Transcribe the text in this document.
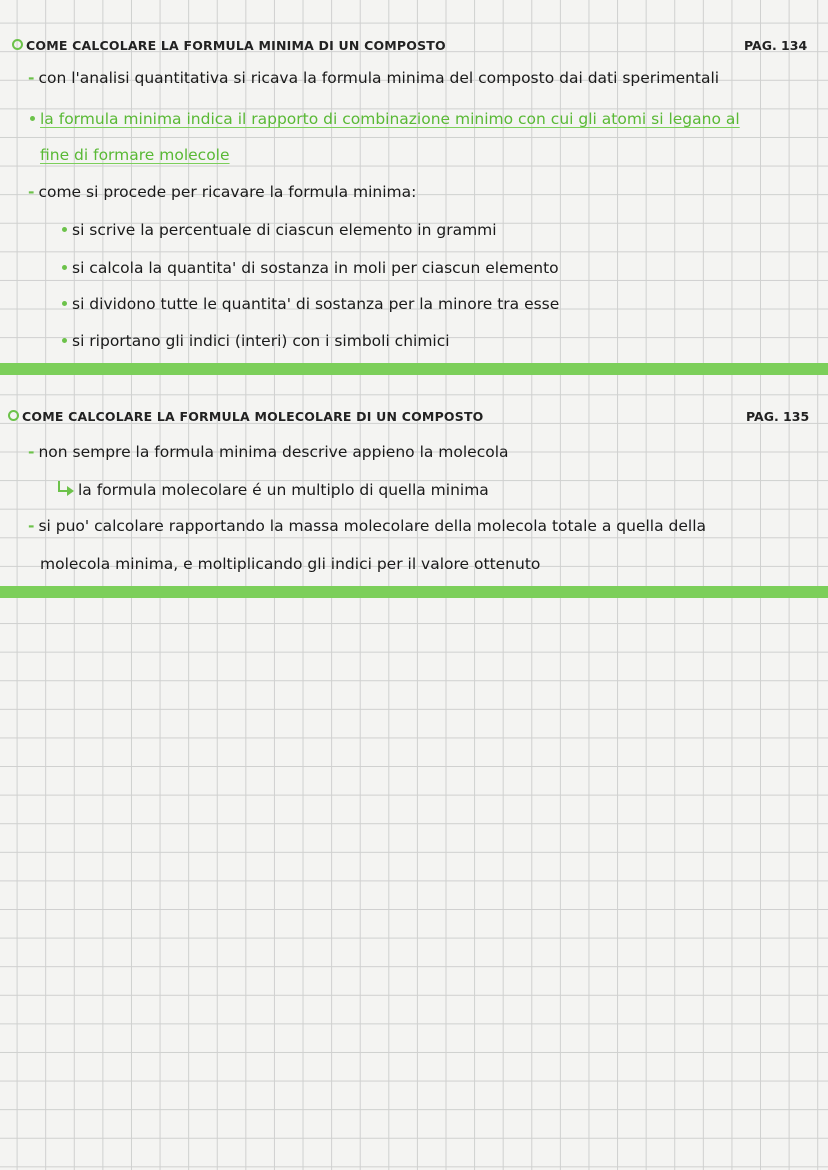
COME CALCOLARE LA FORMULA MINIMA DI UN COMPOSTO	PAG. 134
- con l'analisi quantitativa si ricava la formula minima del composto dai dati sperimentali
la formula minima indica il rapporto di combinazione minimo con cui gli atomi si legano al
fine di formare molecole
- come si procede per ricavare la formula minima:
si scrive la percentuale di ciascun elemento in grammi
si calcola la quantita' di sostanza in moli per ciascun elemento
si dividono tutte le quantita' di sostanza per la minore tra esse
si riportano gli indici (interi) con i simboli chimici
COME CALCOLARE LA FORMULA MOLECOLARE DI UN COMPOSTO	PAG. 135
- non sempre la formula minima descrive appieno la molecola
la formula molecolare é un multiplo di quella minima
- si puo' calcolare rapportando la massa molecolare della molecola totale a quella della
molecola minima, e moltiplicando gli indici per il valore ottenuto
